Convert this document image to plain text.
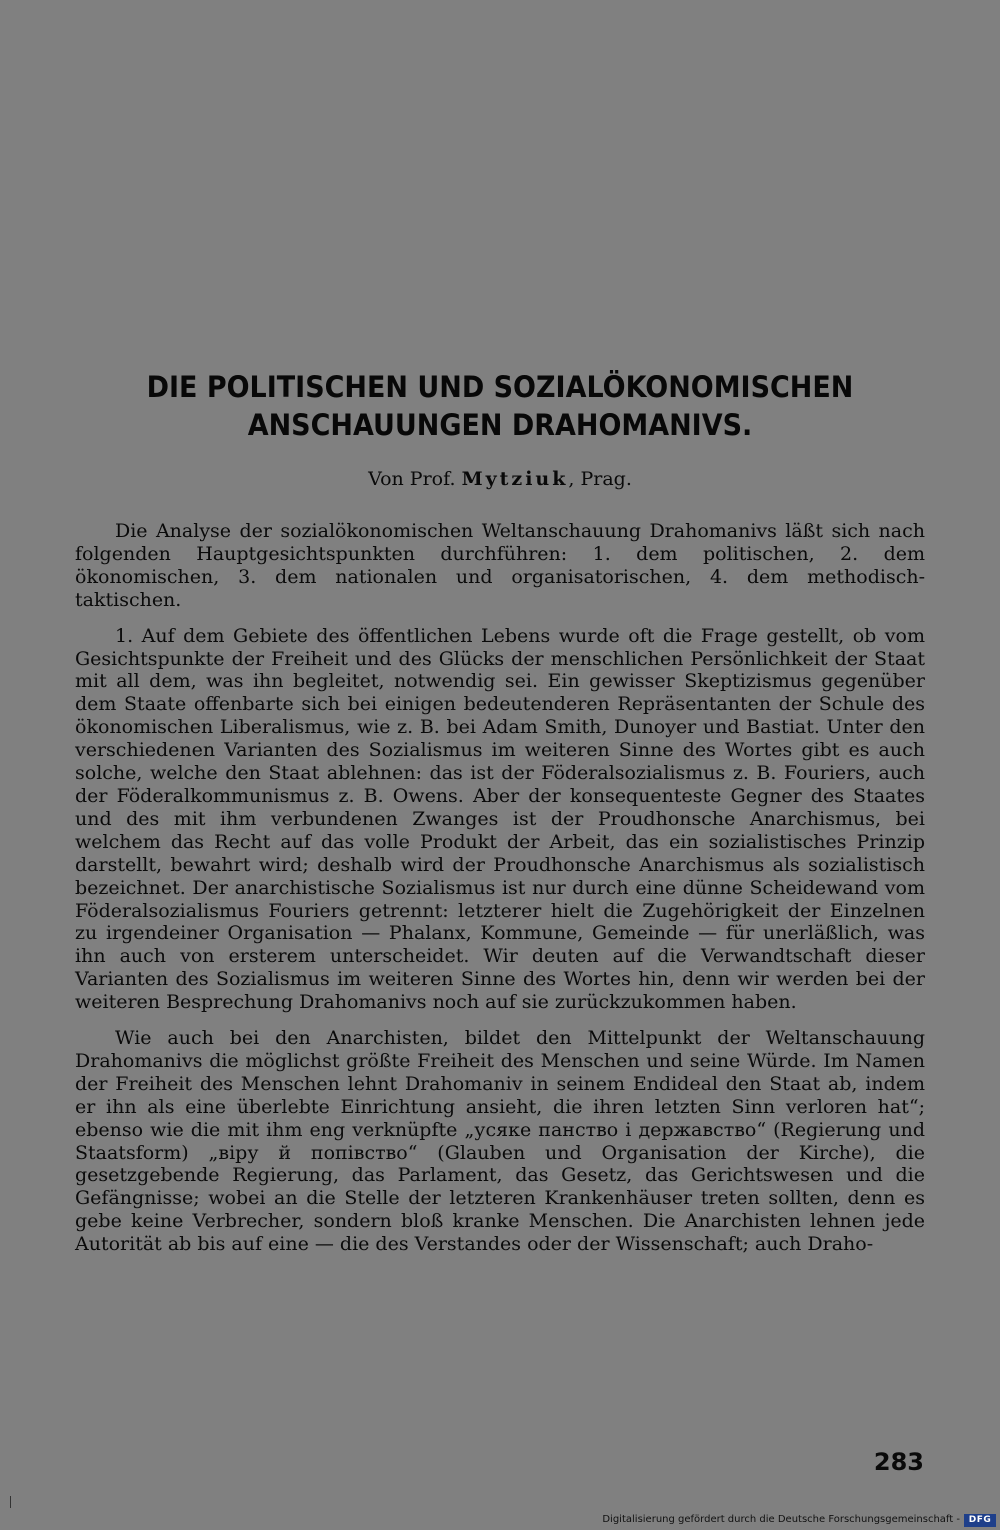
DIE POLITISCHEN UND SOZIALÖKONOMISCHEN
ANSCHAUUNGEN DRAHOMANIVS.
Von Prof. Mytziuk, Prag.

Die Analyse der sozialökonomischen Weltanschauung Drahomanivs läßt sich nach folgenden Hauptgesichtspunkten durchführen: 1. dem politischen, 2. dem ökonomischen, 3. dem nationalen und organisatorischen, 4. dem methodisch-taktischen.

1. Auf dem Gebiete des öffentlichen Lebens wurde oft die Frage gestellt, ob vom Gesichtspunkte der Freiheit und des Glücks der menschlichen Persönlichkeit der Staat mit all dem, was ihn begleitet, notwendig sei. Ein gewisser Skeptizismus gegenüber dem Staate offenbarte sich bei einigen bedeutenderen Repräsentanten der Schule des ökonomischen Liberalismus, wie z. B. bei Adam Smith, Dunoyer und Bastiat. Unter den verschiedenen Varianten des Sozialismus im weiteren Sinne des Wortes gibt es auch solche, welche den Staat ablehnen: das ist der Föderalsozialismus z. B. Fouriers, auch der Föderalkommunismus z. B. Owens. Aber der konsequenteste Gegner des Staates und des mit ihm verbundenen Zwanges ist der Proudhonsche Anarchismus, bei welchem das Recht auf das volle Produkt der Arbeit, das ein sozialistisches Prinzip darstellt, bewahrt wird; deshalb wird der Proudhonsche Anarchismus als sozialistisch bezeichnet. Der anarchistische Sozialismus ist nur durch eine dünne Scheidewand vom Föderalsozialismus Fouriers getrennt: letzterer hielt die Zugehörigkeit der Einzelnen zu irgendeiner Organisation — Phalanx, Kommune, Gemeinde — für unerläßlich, was ihn auch von ersterem unterscheidet. Wir deuten auf die Verwandtschaft dieser Varianten des Sozialismus im weiteren Sinne des Wortes hin, denn wir werden bei der weiteren Besprechung Drahomanivs noch auf sie zurückzukommen haben.

Wie auch bei den Anarchisten, bildet den Mittelpunkt der Weltanschauung Drahomanivs die möglichst größte Freiheit des Menschen und seine Würde. Im Namen der Freiheit des Menschen lehnt Drahomaniv in seinem Endideal den Staat ab, indem er ihn als eine überlebte Einrichtung ansieht, die ihren letzten Sinn verloren hat“; ebenso wie die mit ihm eng verknüpfte „усяке панство і державство“ (Regierung und Staatsform) „віру й попівство“ (Glauben und Organisation der Kirche), die gesetzgebende Regierung, das Parlament, das Gesetz, das Gerichtswesen und die Gefängnisse; wobei an die Stelle der letzteren Krankenhäuser treten sollten, denn es gebe keine Verbrecher, sondern bloß kranke Menschen. Die Anarchisten lehnen jede Autorität ab bis auf eine — die des Verstandes oder der Wissenschaft; auch Draho-

283
Digitalisierung gefördert durch die Deutsche Forschungsgemeinschaft - DFG
